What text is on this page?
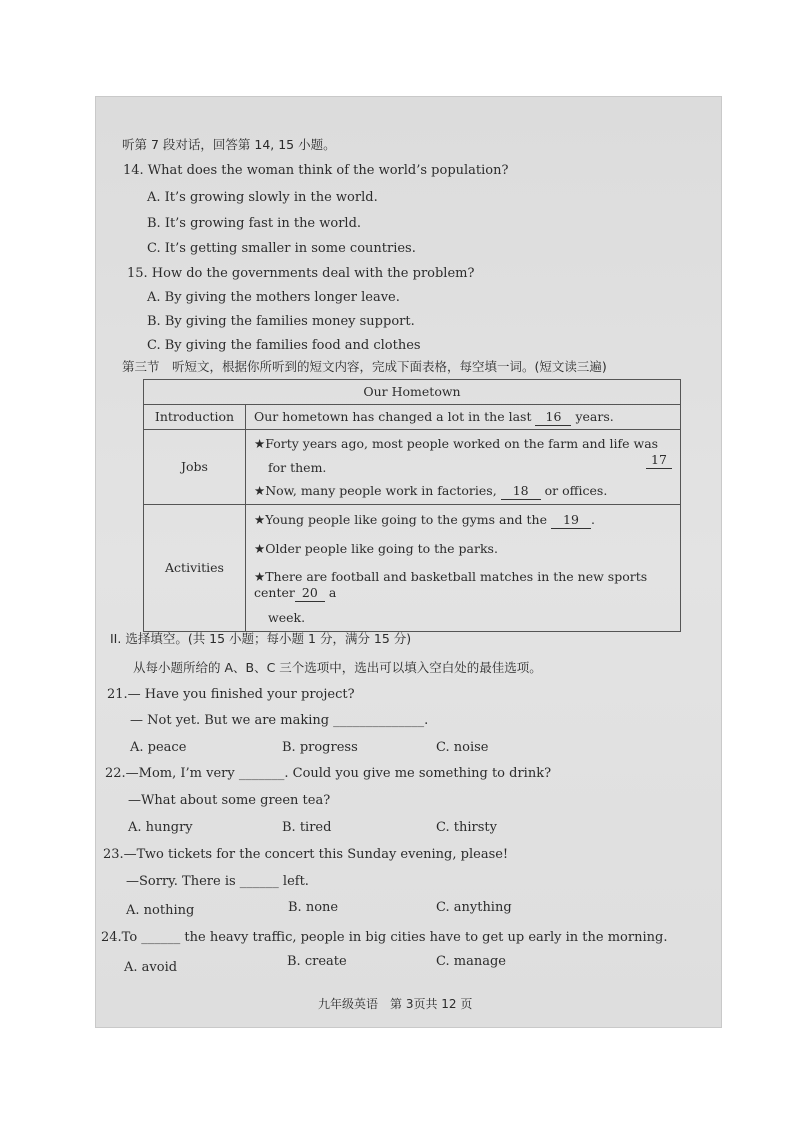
听第 7 段对话，回答第 14, 15 小题。
14. What does the woman think of the world’s population?
A. It’s growing slowly in the world.
B. It’s growing fast in the world.
C. It’s getting smaller in some countries.
15. How do the governments deal with the problem?
A. By giving the mothers longer leave.
B. By giving the families money support.
C. By giving the families food and clothes
第三节　听短文，根据你所听到的短文内容，完成下面表格，每空填一词。(短文读三遍)
Our Hometown	
Introduction	Our hometown has changed a lot in the last 16 years.
Jobs	★Forty years ago, most people worked on the farm and life was
17
for them.
★Now, many people work in factories, 18 or offices.

Activities	★Young people like going to the gyms and the 19 .
★Older people like going to the parks.
★There are football and basketball matches in the new sports center 20 a
week.
II. 选择填空。(共 15 小题；每小题 1 分，满分 15 分)
从每小题所给的 A、B、C 三个选项中，选出可以填入空白处的最佳选项。
21.— Have you finished your project?
— Not yet. But we are making ______________.
A. peace	B. progress	C. noise
22.—Mom, I’m very _______. Could you give me something to drink?
—What about some green tea?
A. hungry	B. tired	C. thirsty
23.—Two tickets for the concert this Sunday evening, please!
—Sorry. There is ______ left.
A. nothing	B. none	C. anything
24.To ______ the heavy traffic, people in big cities have to get up early in the morning.
A. avoid	B. create	C. manage
九年级英语　第 3页共 12 页
